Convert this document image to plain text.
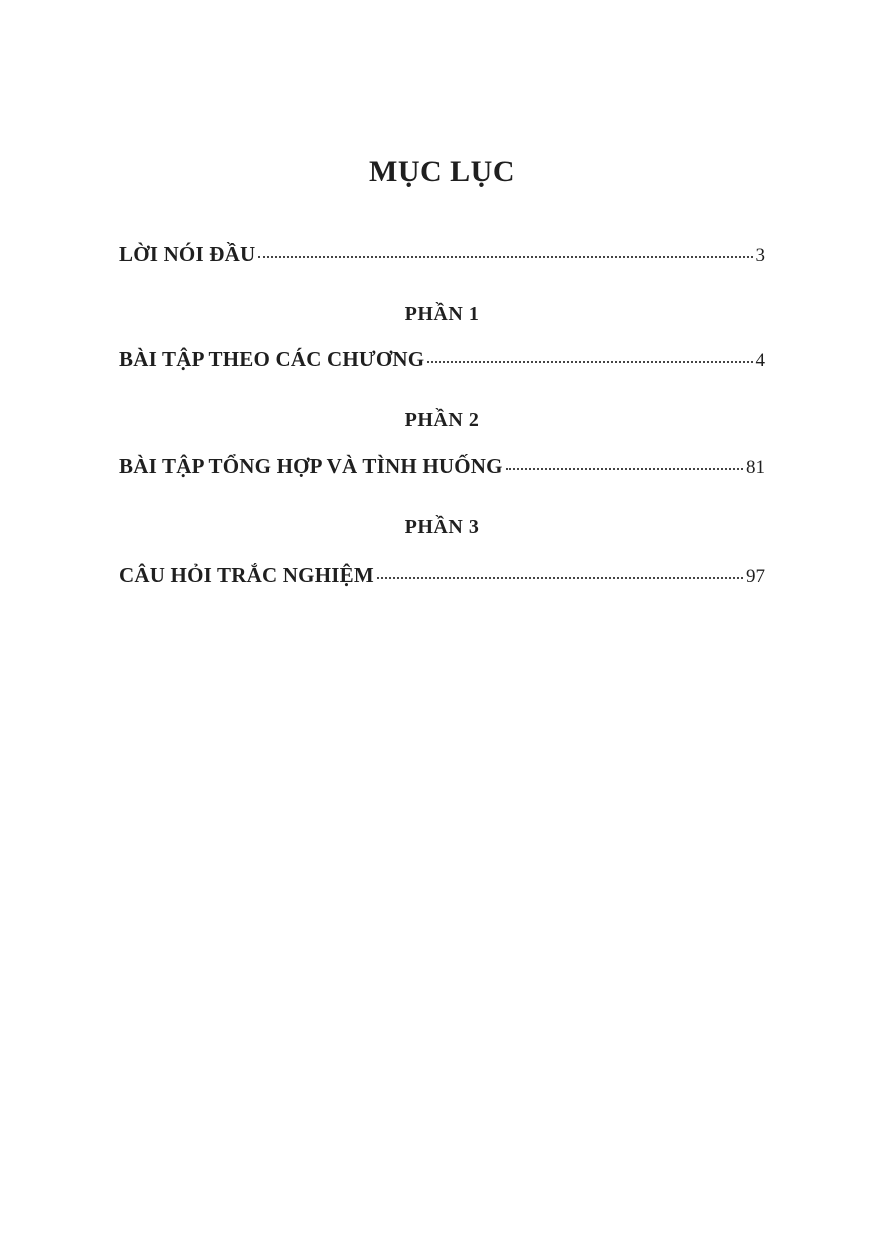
MỤC LỤC
LỜI NÓI ĐẦU	3
PHẦN 1
BÀI TẬP THEO CÁC CHƯƠNG	4
PHẦN 2
BÀI TẬP TỔNG HỢP VÀ TÌNH HUỐNG	81
PHẦN 3
CÂU HỎI TRẮC NGHIỆM	97
